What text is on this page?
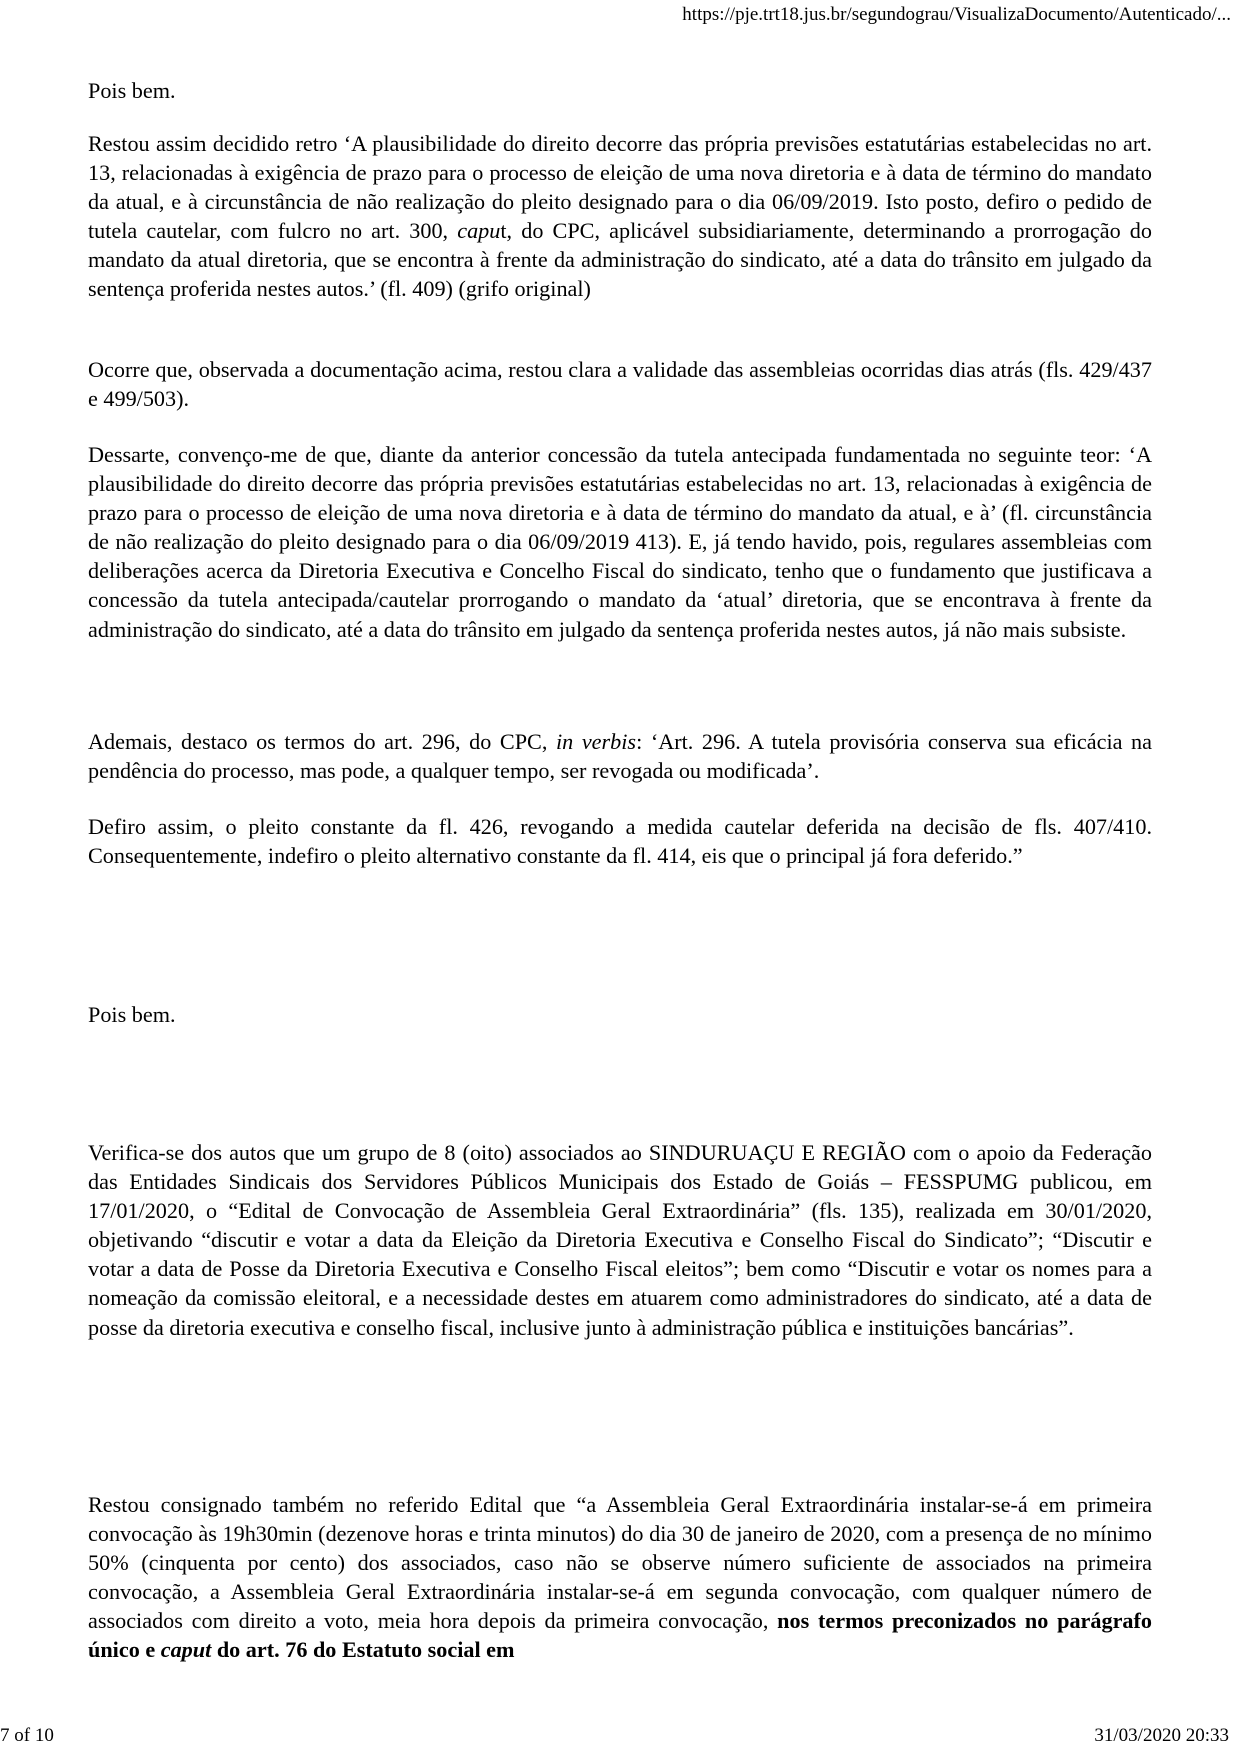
https://pje.trt18.jus.br/segundograu/VisualizaDocumento/Autenticado/...

Pois bem.

Restou assim decidido retro ‘A plausibilidade do direito decorre das própria previsões estatutárias estabelecidas no art. 13, relacionadas à exigência de prazo para o processo de eleição de uma nova diretoria e à data de término do mandato da atual, e à circunstância de não realização do pleito designado para o dia 06/09/2019. Isto posto, defiro o pedido de tutela cautelar, com fulcro no art. 300, caput, do CPC, aplicável subsidiariamente, determinando a prorrogação do mandato da atual diretoria, que se encontra à frente da administração do sindicato, até a data do trânsito em julgado da sentença proferida nestes autos.’ (fl. 409) (grifo original)

Ocorre que, observada a documentação acima, restou clara a validade das assembleias ocorridas dias atrás (fls. 429/437 e 499/503).

Dessarte, convenço-me de que, diante da anterior concessão da tutela antecipada fundamentada no seguinte teor: ‘A plausibilidade do direito decorre das própria previsões estatutárias estabelecidas no art. 13, relacionadas à exigência de prazo para o processo de eleição de uma nova diretoria e à data de término do mandato da atual, e à’ (fl. circunstância de não realização do pleito designado para o dia 06/09/2019 413). E, já tendo havido, pois, regulares assembleias com deliberações acerca da Diretoria Executiva e Concelho Fiscal do sindicato, tenho que o fundamento que justificava a concessão da tutela antecipada/cautelar prorrogando o mandato da ‘atual’ diretoria, que se encontrava à frente da administração do sindicato, até a data do trânsito em julgado da sentença proferida nestes autos, já não mais subsiste.

Ademais, destaco os termos do art. 296, do CPC, in verbis: ‘Art. 296. A tutela provisória conserva sua eficácia na pendência do processo, mas pode, a qualquer tempo, ser revogada ou modificada’.

Defiro assim, o pleito constante da fl. 426, revogando a medida cautelar deferida na decisão de fls. 407/410. Consequentemente, indefiro o pleito alternativo constante da fl. 414, eis que o principal já fora deferido.”

Pois bem.

Verifica-se dos autos que um grupo de 8 (oito) associados ao SINDURUAÇU E REGIÃO com o apoio da Federação das Entidades Sindicais dos Servidores Públicos Municipais dos Estado de Goiás – FESSPUMG publicou, em 17/01/2020, o “Edital de Convocação de Assembleia Geral Extraordinária” (fls. 135), realizada em 30/01/2020, objetivando “discutir e votar a data da Eleição da Diretoria Executiva e Conselho Fiscal do Sindicato”; “Discutir e votar a data de Posse da Diretoria Executiva e Conselho Fiscal eleitos”; bem como “Discutir e votar os nomes para a nomeação da comissão eleitoral, e a necessidade destes em atuarem como administradores do sindicato, até a data de posse da diretoria executiva e conselho fiscal, inclusive junto à administração pública e instituições bancárias”.

Restou consignado também no referido Edital que “a Assembleia Geral Extraordinária instalar-se-á em primeira convocação às 19h30min (dezenove horas e trinta minutos) do dia 30 de janeiro de 2020, com a presença de no mínimo 50% (cinquenta por cento) dos associados, caso não se observe número suficiente de associados na primeira convocação, a Assembleia Geral Extraordinária instalar-se-á em segunda convocação, com qualquer número de associados com direito a voto, meia hora depois da primeira convocação, nos termos preconizados no parágrafo único e caput do art. 76 do Estatuto social em

7 of 10	31/03/2020 20:33
